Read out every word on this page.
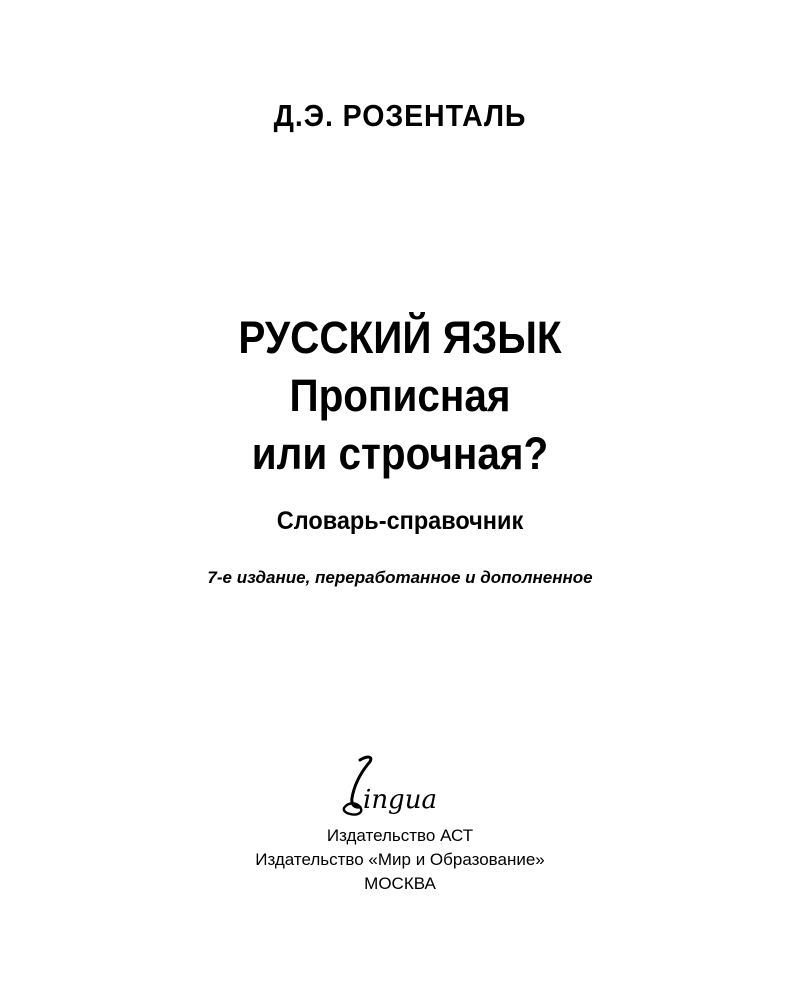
Д.Э. РОЗЕНТАЛЬ
РУССКИЙ ЯЗЫК
Прописная
или строчная?
Словарь-справочник
7-е издание, переработанное и дополненное
ingua
Издательство АСТ
Издательство «Мир и Образование»
МОСКВА
